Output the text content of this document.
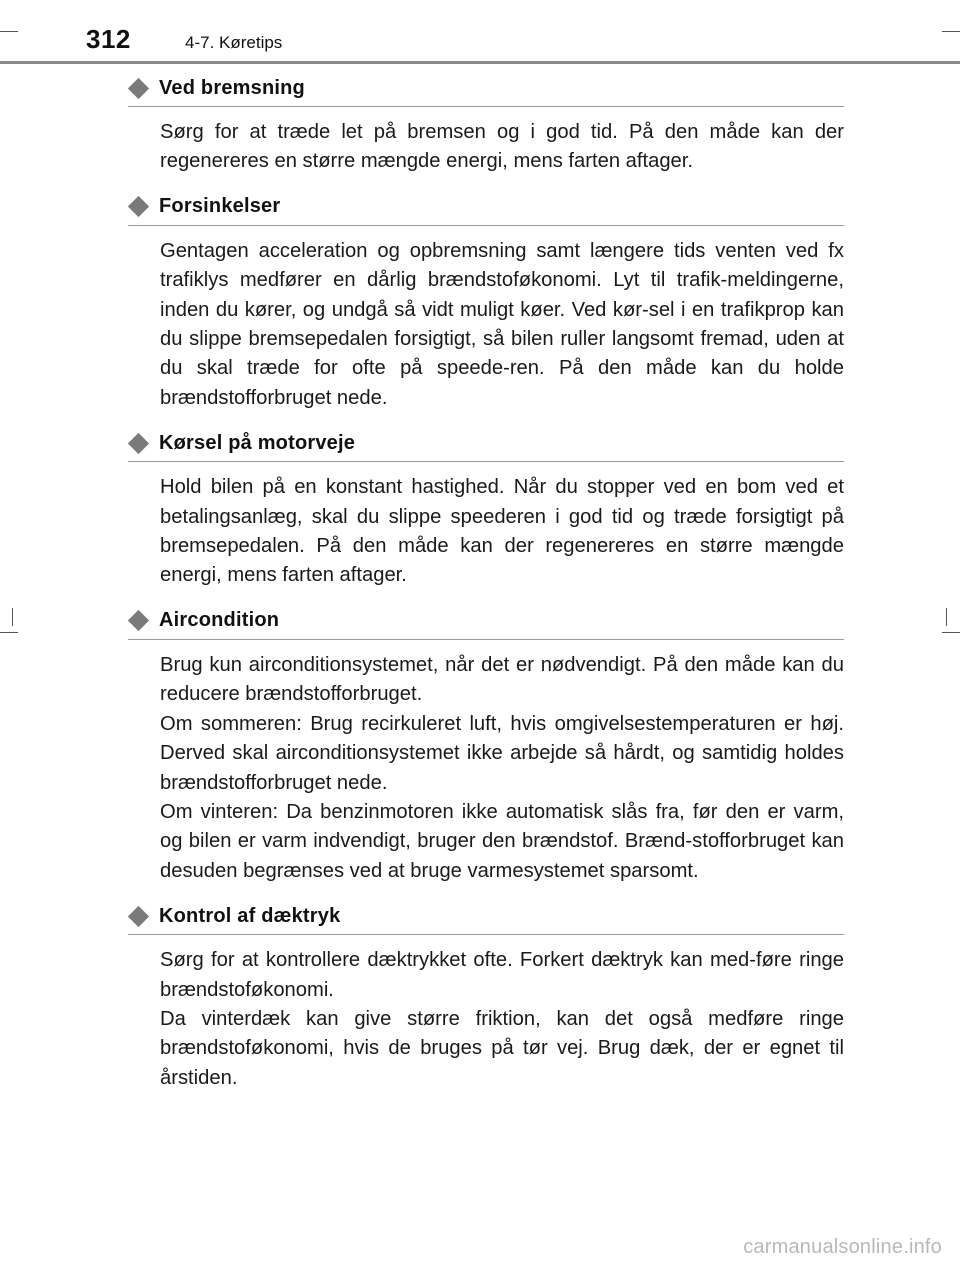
312	4-7. Køretips
Ved bremsning

Sørg for at træde let på bremsen og i god tid. På den måde kan der regenereres en større mængde energi, mens farten aftager.

Forsinkelser

Gentagen acceleration og opbremsning samt længere tids venten ved fx trafiklys medfører en dårlig brændstoføkonomi. Lyt til trafik-meldingerne, inden du kører, og undgå så vidt muligt køer. Ved kør-sel i en trafikprop kan du slippe bremsepedalen forsigtigt, så bilen ruller langsomt fremad, uden at du skal træde for ofte på speede-ren. På den måde kan du holde brændstofforbruget nede.

Kørsel på motorveje

Hold bilen på en konstant hastighed. Når du stopper ved en bom ved et betalingsanlæg, skal du slippe speederen i god tid og træde forsigtigt på bremsepedalen. På den måde kan der regenereres en større mængde energi, mens farten aftager.

Aircondition

Brug kun airconditionsystemet, når det er nødvendigt. På den måde kan du reducere brændstofforbruget.

Om sommeren: Brug recirkuleret luft, hvis omgivelsestemperaturen er høj. Derved skal airconditionsystemet ikke arbejde så hårdt, og samtidig holdes brændstofforbruget nede.

Om vinteren: Da benzinmotoren ikke automatisk slås fra, før den er varm, og bilen er varm indvendigt, bruger den brændstof. Brænd-stofforbruget kan desuden begrænses ved at bruge varmesystemet sparsomt.

Kontrol af dæktryk

Sørg for at kontrollere dæktrykket ofte. Forkert dæktryk kan med-føre ringe brændstoføkonomi.

Da vinterdæk kan give større friktion, kan det også medføre ringe brændstoføkonomi, hvis de bruges på tør vej. Brug dæk, der er egnet til årstiden.

carmanualsonline.info
